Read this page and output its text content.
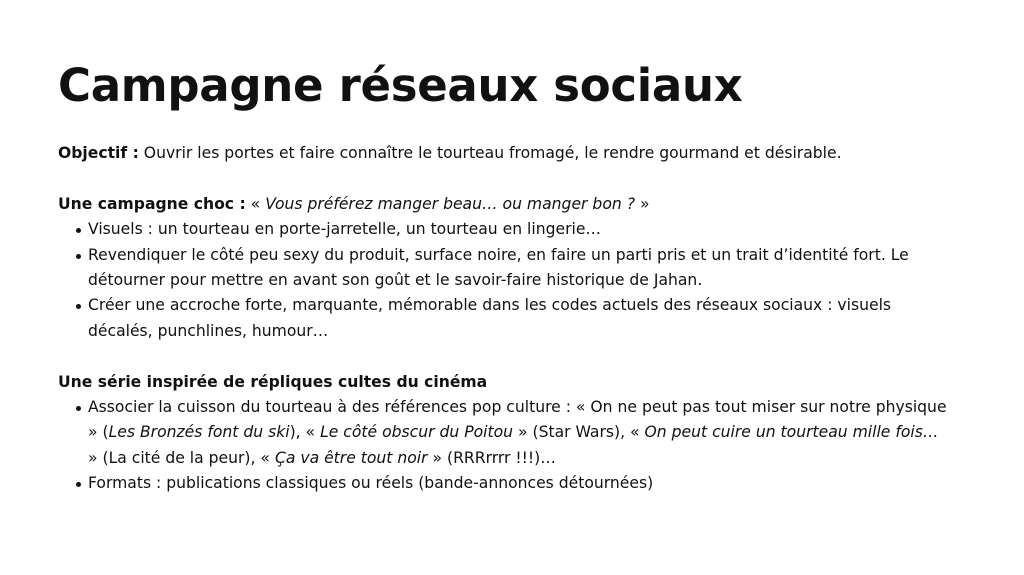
Campagne réseaux sociaux

Objectif : Ouvrir les portes et faire connaître le tourteau fromagé, le rendre gourmand et désirable.

Une campagne choc : « Vous préférez manger beau… ou manger bon ? »

Visuels : un tourteau en porte-jarretelle, un tourteau en lingerie…
Revendiquer le côté peu sexy du produit, surface noire, en faire un parti pris et un trait d’identité fort. Le détourner pour mettre en avant son goût et le savoir-faire historique de Jahan.
Créer une accroche forte, marquante, mémorable dans les codes actuels des réseaux sociaux : visuels décalés, punchlines, humour…

Une série inspirée de répliques cultes du cinéma

Associer la cuisson du tourteau à des références pop culture : « On ne peut pas tout miser sur notre physique » (Les Bronzés font du ski), « Le côté obscur du Poitou » (Star Wars), « On peut cuire un tourteau mille fois… » (La cité de la peur), « Ça va être tout noir » (RRRrrrr !!!)…
Formats : publications classiques ou réels (bande-annonces détournées)
